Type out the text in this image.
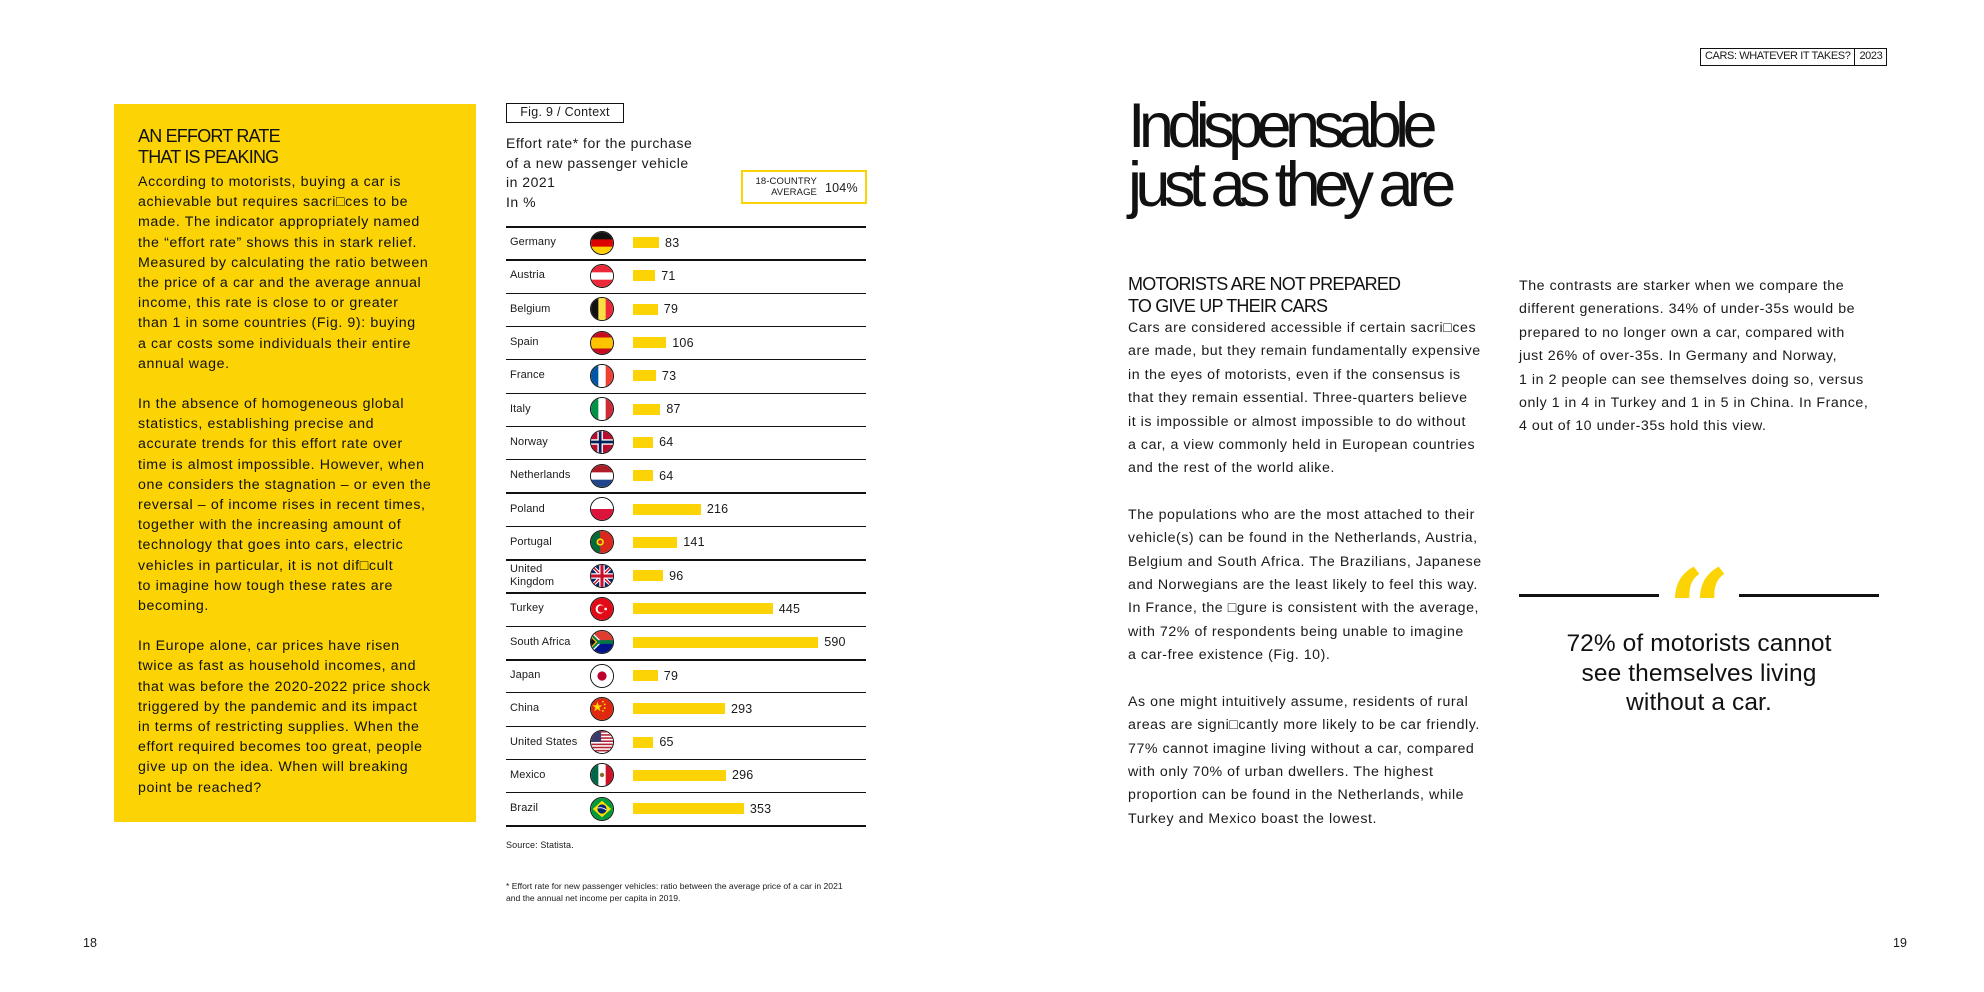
AN EFFORT RATE
THAT IS PEAKING

According to motorists, buying a car is
achievable but requires sacri□ces to be
made. The indicator appropriately named
the “effort rate” shows this in stark relief.
Measured by calculating the ratio between
the price of a car and the average annual
income, this rate is close to or greater
than 1 in some countries (Fig. 9): buying
a car costs some individuals their entire
annual wage.

In the absence of homogeneous global
statistics, establishing precise and
accurate trends for this effort rate over
time is almost impossible. However, when
one considers the stagnation – or even the
reversal – of income rises in recent times,
together with the increasing amount of
technology that goes into cars, electric
vehicles in particular, it is not dif□cult
to imagine how tough these rates are
becoming.

In Europe alone, car prices have risen
twice as fast as household incomes, and
that was before the 2020-2022 price shock
triggered by the pandemic and its impact
in terms of restricting supplies. When the
effort required becomes too great, people
give up on the idea. When will breaking
point be reached?

Fig. 9 / Context
Effort rate* for the purchase
of a new passenger vehicle
in 2021
In %
18-COUNTRY
AVERAGE 104%
Germany	83
Austria	71
Belgium	79
Spain	106
France	73
Italy	87
Norway	64
Netherlands	64
Poland	216
Portugal	141
United
Kingdom	96
Turkey	445
South Africa	590
Japan	79
China	293
United States	65
Mexico	296
Brazil	353
Source: Statista.
* Effort rate for new passenger vehicles: ratio between the average price of a car in 2021
and the annual net income per capita in 2019.
18
CARS: WHATEVER IT TAKES? 2023
Indispensable
just as they are
MOTORISTS ARE NOT PREPARED
TO GIVE UP THEIR CARS

Cars are considered accessible if certain sacri□ces
are made, but they remain fundamentally expensive
in the eyes of motorists, even if the consensus is
that they remain essential. Three-quarters believe
it is impossible or almost impossible to do without
a car, a view commonly held in European countries
and the rest of the world alike.

The populations who are the most attached to their
vehicle(s) can be found in the Netherlands, Austria,
Belgium and South Africa. The Brazilians, Japanese
and Norwegians are the least likely to feel this way.
In France, the □gure is consistent with the average,
with 72% of respondents being unable to imagine
a car-free existence (Fig. 10).

As one might intuitively assume, residents of rural
areas are signi□cantly more likely to be car friendly.
77% cannot imagine living without a car, compared
with only 70% of urban dwellers. The highest
proportion can be found in the Netherlands, while
Turkey and Mexico boast the lowest.

The contrasts are starker when we compare the
different generations. 34% of under-35s would be
prepared to no longer own a car, compared with
just 26% of over-35s. In Germany and Norway,
1 in 2 people can see themselves doing so, versus
only 1 in 4 in Turkey and 1 in 5 in China. In France,
4 out of 10 under-35s hold this view.

“
72% of motorists cannot
see themselves living
without a car.
19
